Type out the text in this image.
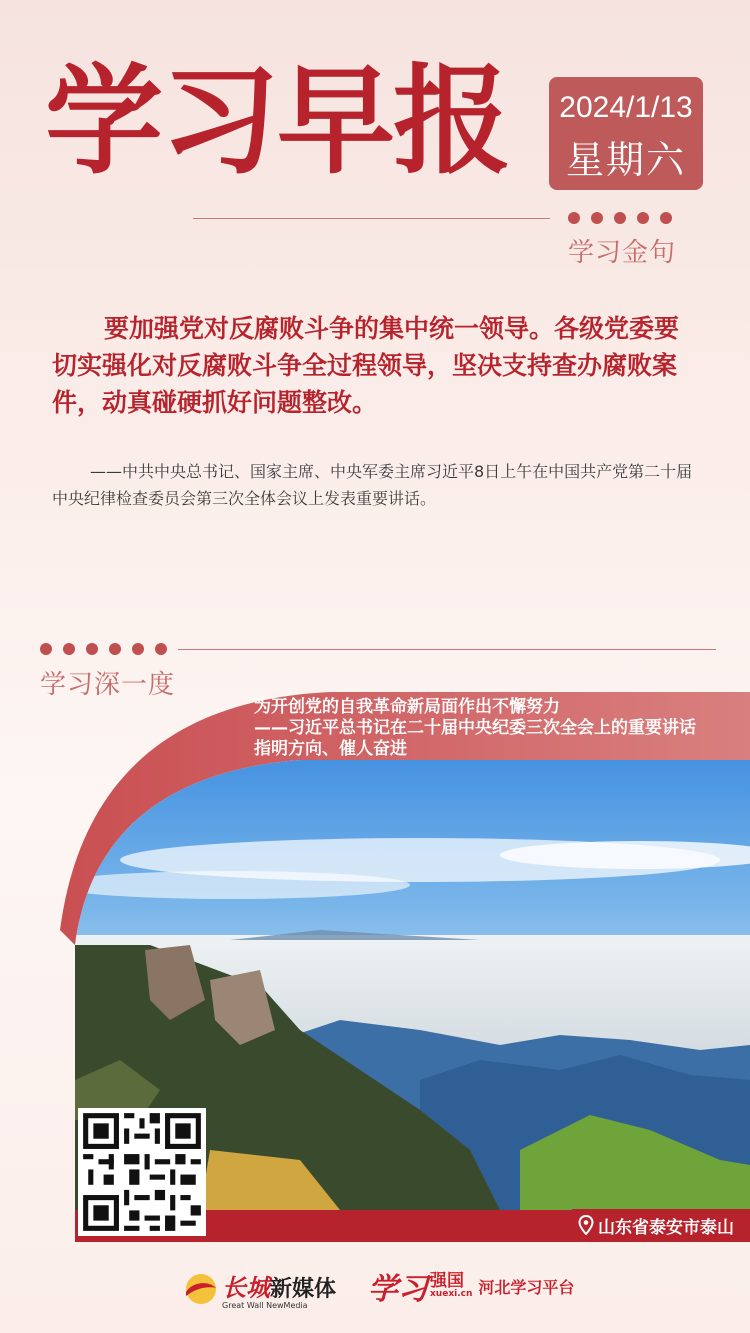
学习早报	2024/1/13
星期六
学习金句
要加强党对反腐败斗争的集中统一领导。各级党委要切实强化对反腐败斗争全过程领导，坚决支持查办腐败案件，动真碰硬抓好问题整改。
——中共中央总书记、国家主席、中央军委主席习近平8日上午在中国共产党第二十届中央纪律检查委员会第三次全体会议上发表重要讲话。
学习深一度
为开创党的自我革命新局面作出不懈努力
——习近平总书记在二十届中央纪委三次全会上的重要讲话
指明方向、催人奋进
山东省泰安市泰山
长城 新媒体
Great Wall NewMedia	学习 强国
xuexi.cn 河北学习平台
